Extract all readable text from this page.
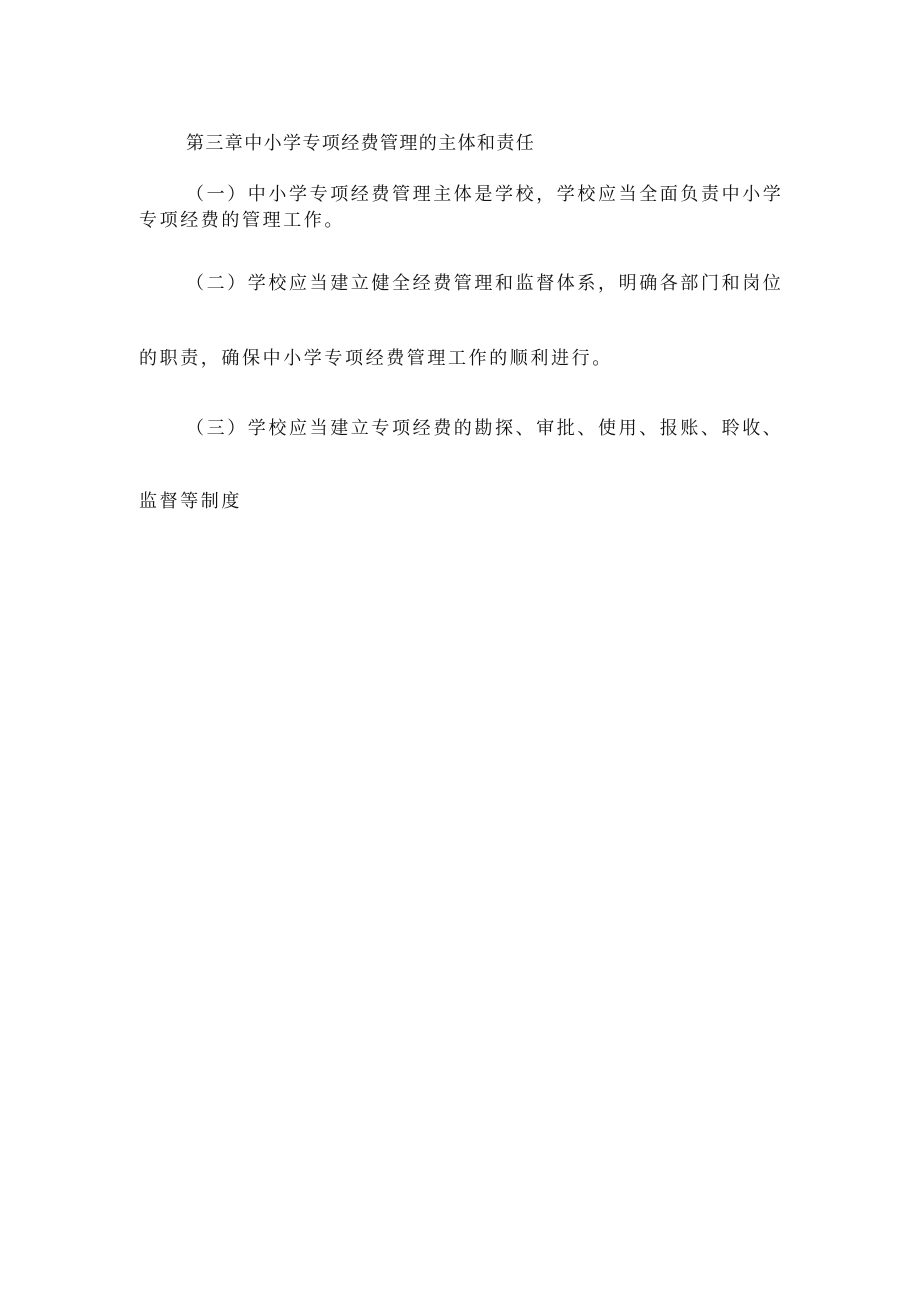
第三章中小学专项经费管理的主体和责任

（一）中小学专项经费管理主体是学校，学校应当全面负责中小学

专项经费的管理工作。

（二）学校应当建立健全经费管理和监督体系，明确各部门和岗位

的职责，确保中小学专项经费管理工作的顺利进行。

（三）学校应当建立专项经费的勘探、审批、使用、报账、聆收、

监督等制度
